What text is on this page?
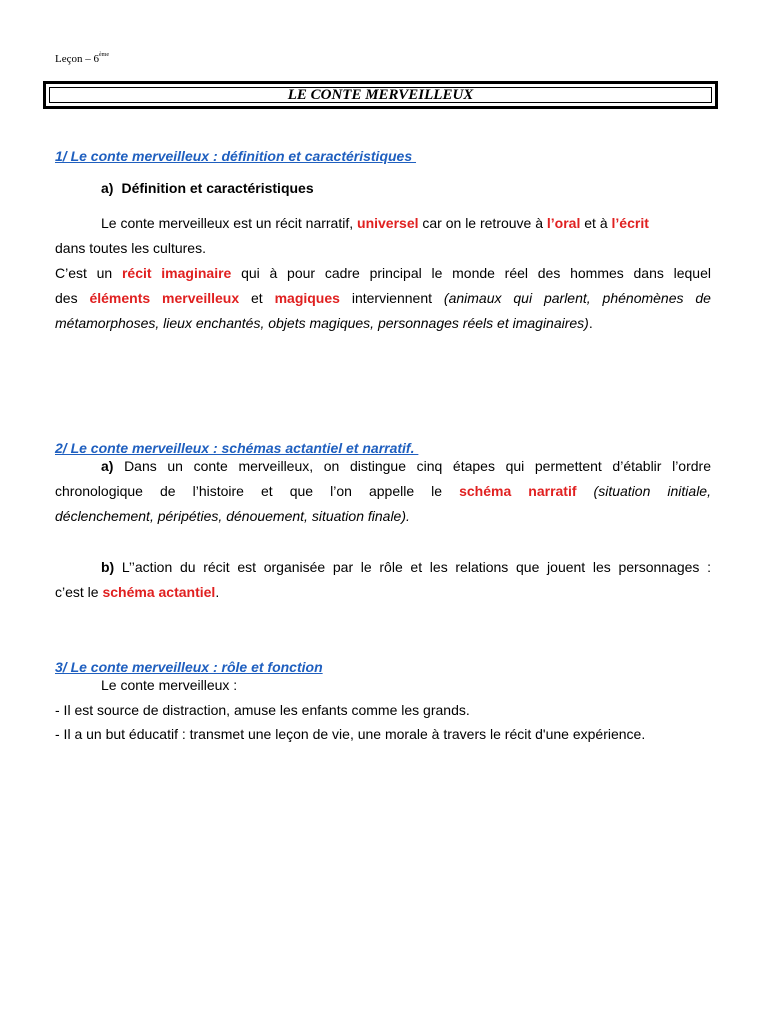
Leçon – 6ème
LE CONTE MERVEILLEUX
1/ Le conte merveilleux : définition et caractéristiques
a) Définition et caractéristiques
Le conte merveilleux est un récit narratif, universel car on le retrouve à l’oral et à l’écrit
dans toutes les cultures.
C’est un récit imaginaire qui à pour cadre principal le monde réel des hommes dans lequel
des éléments merveilleux et magiques interviennent (animaux qui parlent, phénomènes de
métamorphoses, lieux enchantés, objets magiques, personnages réels et imaginaires).
2/ Le conte merveilleux : schémas actantiel et narratif.
a) Dans un conte merveilleux, on distingue cinq étapes qui permettent d’établir l’ordre
chronologique de l’histoire et que l’on appelle le schéma narratif (situation initiale,
déclenchement, péripéties, dénouement, situation finale).
b) L’’action du récit est organisée par le rôle et les relations que jouent les personnages :
c’est le schéma actantiel.
3/ Le conte merveilleux : rôle et fonction
Le conte merveilleux :
- Il est source de distraction, amuse les enfants comme les grands.
- Il a un but éducatif : transmet une leçon de vie, une morale à travers le récit d'une expérience.
